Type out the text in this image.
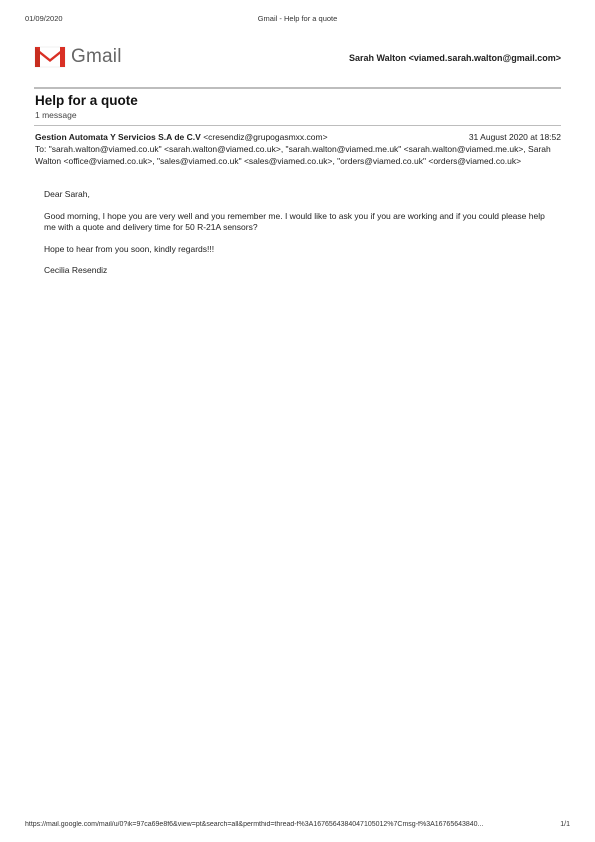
01/09/2020	Gmail - Help for a quote
Gmail	Sarah Walton <viamed.sarah.walton@gmail.com>
Help for a quote
1 message
Gestion Automata Y Servicios S.A de C.V <cresendiz@grupogasmxx.com>	31 August 2020 at 18:52
To: "sarah.walton@viamed.co.uk" <sarah.walton@viamed.co.uk>, "sarah.walton@viamed.me.uk" <sarah.walton@viamed.me.uk>, Sarah Walton <office@viamed.co.uk>, "sales@viamed.co.uk" <sales@viamed.co.uk>, "orders@viamed.co.uk" <orders@viamed.co.uk>

Dear Sarah,

Good morning, I hope you are very well and you remember me. I would like to ask you if you are working and if you could please help me with a quote and delivery time for 50 R-21A sensors?

Hope to hear from you soon, kindly regards!!!

Cecilia Resendiz

https://mail.google.com/mail/u/0?ik=97ca69e8f6&view=pt&search=all&permthid=thread-f%3A1676564384047105012%7Cmsg-f%3A16765643840...	1/1
